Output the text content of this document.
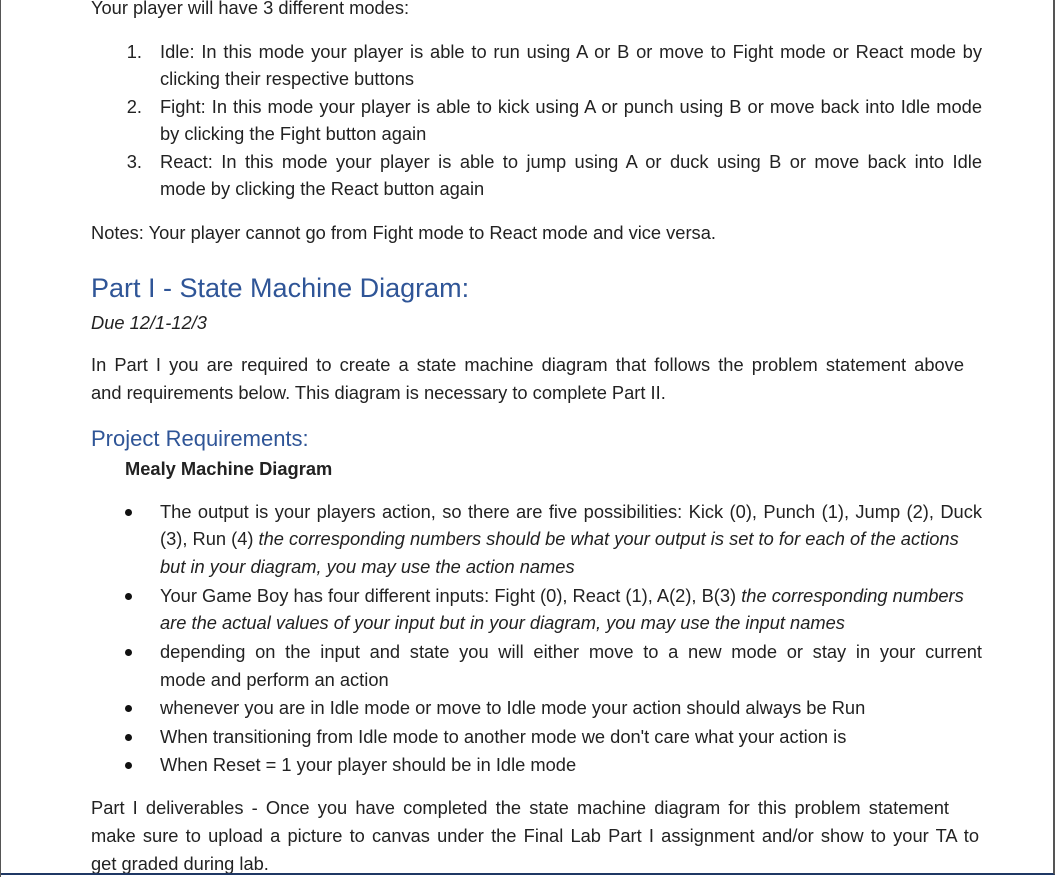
Your player will have 3 different modes:
1. Idle: In this mode your player is able to run using A or B or move to Fight mode or React mode by
clicking their respective buttons
2. Fight: In this mode your player is able to kick using A or punch using B or move back into Idle mode
by clicking the Fight button again
3. React: In this mode your player is able to jump using A or duck using B or move back into Idle
mode by clicking the React button again
Notes: Your player cannot go from Fight mode to React mode and vice versa.
Part I - State Machine Diagram:
Due 12/1-12/3
In Part I you are required to create a state machine diagram that follows the problem statement above
and requirements below. This diagram is necessary to complete Part II.
Project Requirements:
Mealy Machine Diagram
The output is your players action, so there are five possibilities: Kick (0), Punch (1), Jump (2), Duck
(3), Run (4) the corresponding numbers should be what your output is set to for each of the actions
but in your diagram, you may use the action names
Your Game Boy has four different inputs: Fight (0), React (1), A(2), B(3) the corresponding numbers
are the actual values of your input but in your diagram, you may use the input names
depending on the input and state you will either move to a new mode or stay in your current
mode and perform an action
whenever you are in Idle mode or move to Idle mode your action should always be Run
When transitioning from Idle mode to another mode we don't care what your action is
When Reset = 1 your player should be in Idle mode
Part I deliverables - Once you have completed the state machine diagram for this problem statement
make sure to upload a picture to canvas under the Final Lab Part I assignment and/or show to your TA to
get graded during lab.
